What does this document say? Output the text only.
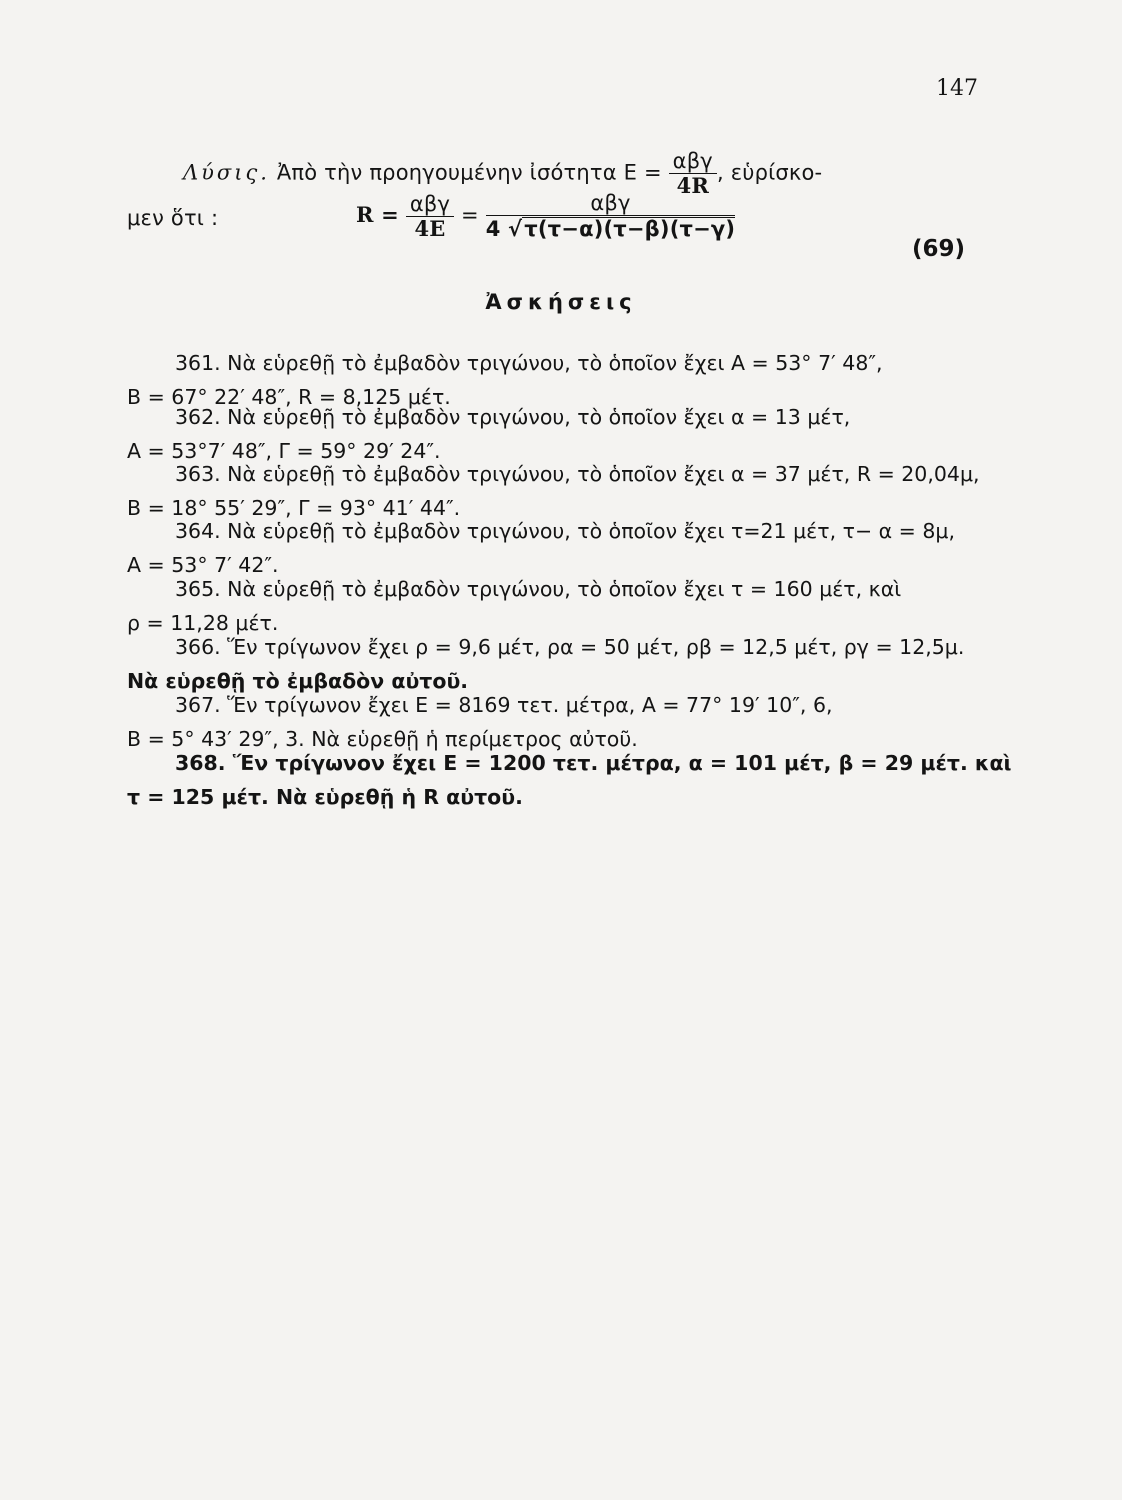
147
Λύσις. Ἀπὸ τὴν προηγουμένην ἰσότητα $E = \frac{\text{αβγ}}{4R}$ , εὑρίσκο-
μεν ὅτι :	$R = \frac{\text{αβγ}}{4E} = \frac{\text{αβγ}}{4 √\tau(\tau-\alpha)(\tau-\beta)(\tau-\gamma)}$
(69)
Ἀσκήσεις
361. Νὰ εὑρεθῇ τὸ ἐμβαδὸν τριγώνου, τὸ ὁποῖον ἔχει A = 53° 7′ 48″,
B = 67° 22′ 48″, R = 8,125 μέτ.
362. Νὰ εὑρεθῇ τὸ ἐμβαδὸν τριγώνου, τὸ ὁποῖον ἔχει α = 13 μέτ,
A = 53°7′ 48″, Γ = 59° 29′ 24″.
363. Νὰ εὑρεθῇ τὸ ἐμβαδὸν τριγώνου, τὸ ὁποῖον ἔχει α = 37 μέτ, R = 20,04μ,
B = 18° 55′ 29″, Γ = 93° 41′ 44″.
364. Νὰ εὑρεθῇ τὸ ἐμβαδὸν τριγώνου, τὸ ὁποῖον ἔχει τ=21 μέτ, τ− α = 8μ,
A = 53° 7′ 42″.
365. Νὰ εὑρεθῇ τὸ ἐμβαδὸν τριγώνου, τὸ ὁποῖον ἔχει τ = 160 μέτ, καὶ
ρ = 11,28 μέτ.
366. Ἕν τρίγωνον ἔχει ρ = 9,6 μέτ, ρα = 50 μέτ, ρβ = 12,5 μέτ, ργ = 12,5μ.
Νὰ εὑρεθῇ τὸ ἐμβαδὸν αὐτοῦ.
367. Ἕν τρίγωνον ἔχει E = 8169 τετ. μέτρα, A = 77° 19′ 10″, 6,
B = 5° 43′ 29″, 3. Νὰ εὑρεθῇ ἡ περίμετρος αὐτοῦ.
368. Ἕν τρίγωνον ἔχει E = 1200 τετ. μέτρα, α = 101 μέτ, β = 29 μέτ. καὶ
τ = 125 μέτ. Νὰ εὑρεθῇ ἡ R αὐτοῦ.
